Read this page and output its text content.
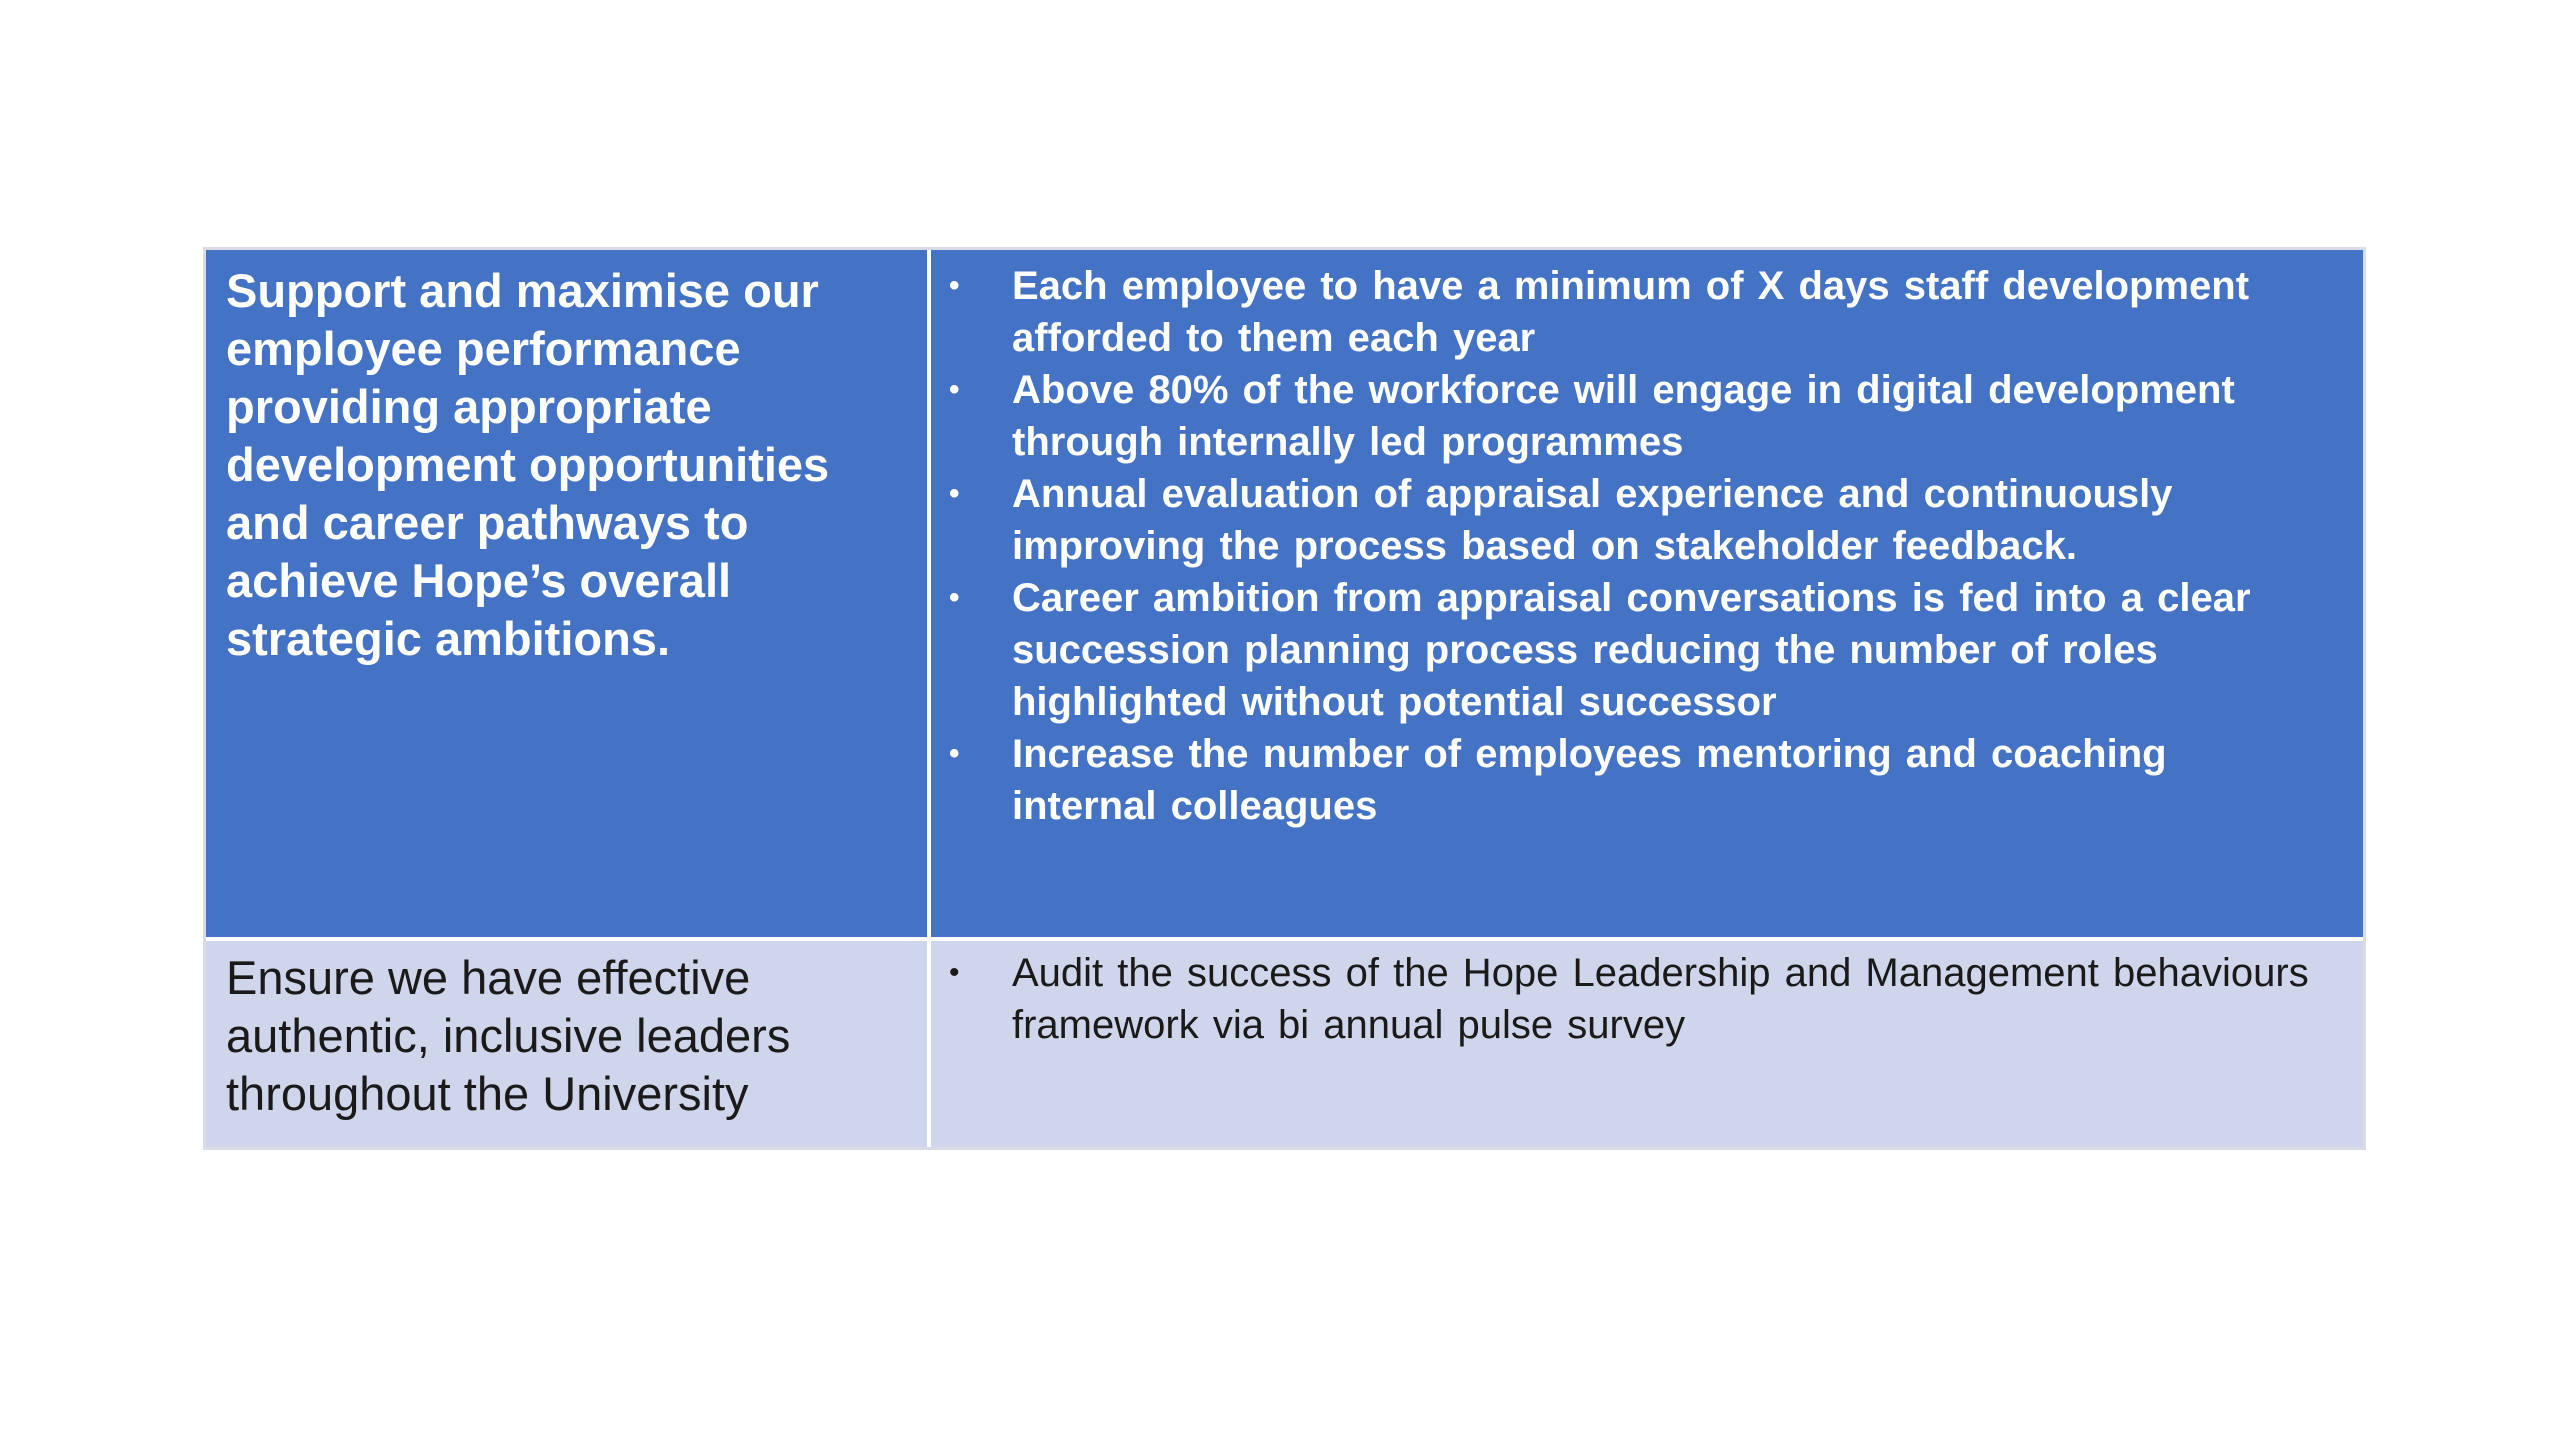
Support and maximise our employee performance providing appropriate development opportunities and career pathways to achieve Hope’s overall strategic ambitions.
•	Each employee to have a minimum of X days staff development afforded to them each year
•	Above 80% of the workforce will engage in digital development through internally led programmes
•	Annual evaluation of appraisal experience and continuously improving the process based on stakeholder feedback.
•	Career ambition from appraisal conversations is fed into a clear succession planning process reducing the number of roles highlighted without potential successor
•	Increase the number of employees mentoring and coaching internal colleagues
Ensure we have effective authentic, inclusive leaders throughout the University
•	Audit the success of the Hope Leadership and Management behaviours framework via bi annual pulse survey
